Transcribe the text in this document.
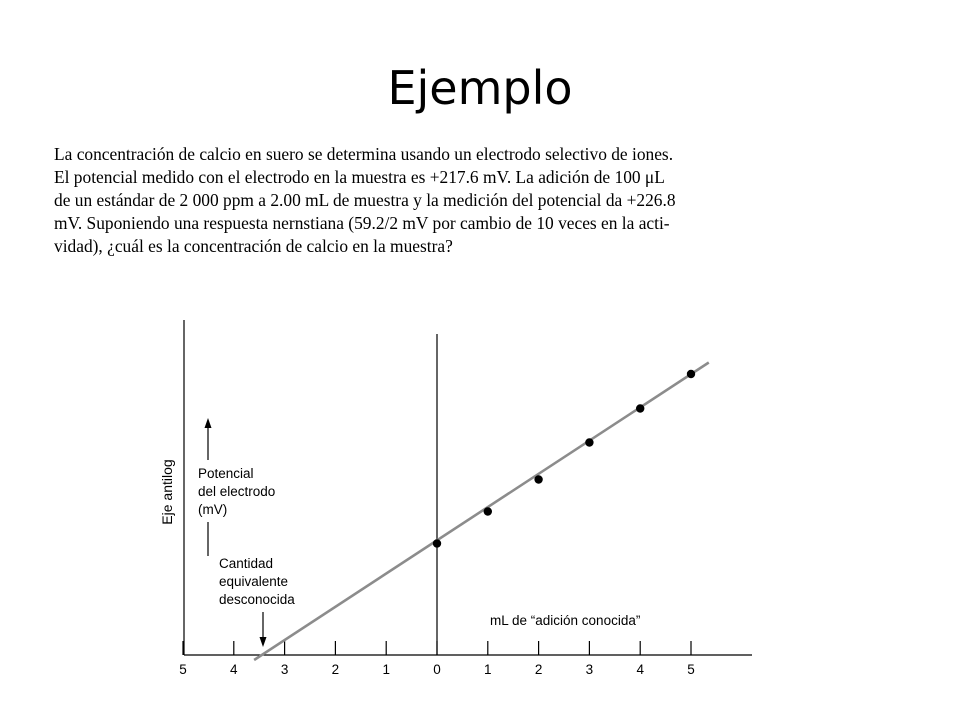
Ejemplo
La concentración de calcio en suero se determina usando un electrodo selectivo de iones.
El potencial medido con el electrodo en la muestra es +217.6 mV. La adición de 100 μL
de un estándar de 2 000 ppm a 2.00 mL de muestra y la medición del potencial da +226.8
mV. Suponiendo una respuesta nernstiana (59.2/2 mV por cambio de 10 veces en la acti-
vidad), ¿cuál es la concentración de calcio en la muestra?
5	4	3	2	1	0	1	2	3	4	5
Eje antilog Potencial
del electrodo
(mV)
Cantidad
equivalente
desconocida
mL de “adición conocida”
